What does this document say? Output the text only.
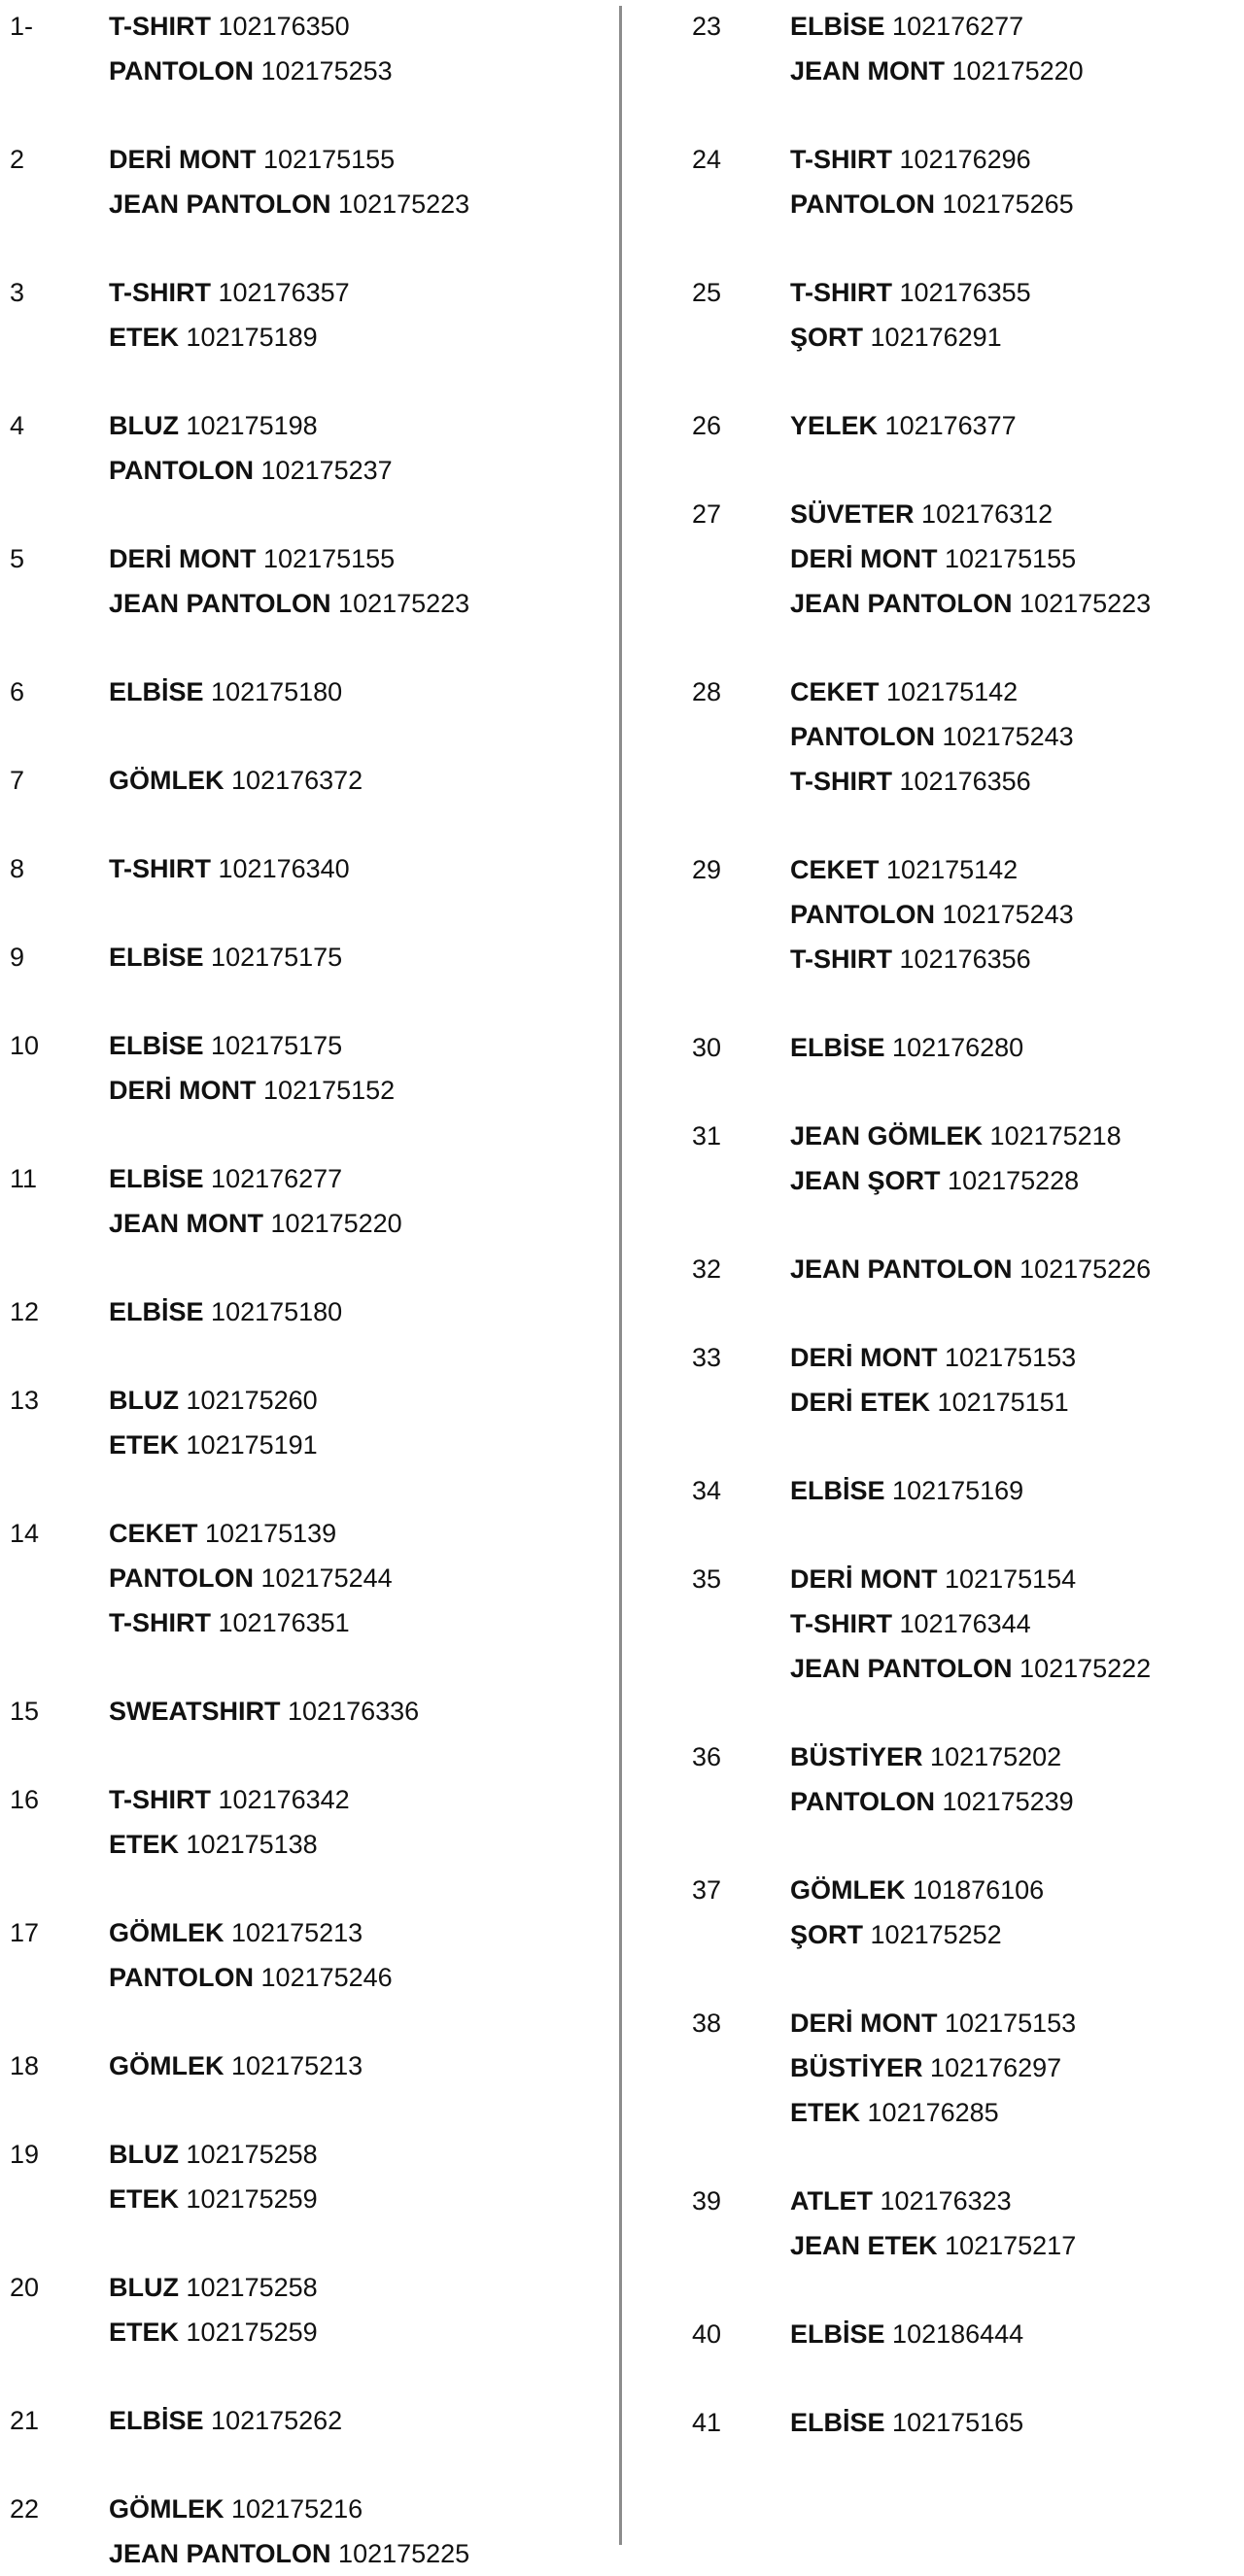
1-	T-SHIRT 102176350
PANTOLON 102175253
2	DERİ MONT 102175155
JEAN PANTOLON 102175223
3	T-SHIRT 102176357
ETEK 102175189
4	BLUZ 102175198
PANTOLON 102175237
5	DERİ MONT 102175155
JEAN PANTOLON 102175223
6	ELBİSE 102175180
7	GÖMLEK 102176372
8	T-SHIRT 102176340
9	ELBİSE 102175175
10	ELBİSE 102175175
DERİ MONT 102175152
11	ELBİSE 102176277
JEAN MONT 102175220
12	ELBİSE 102175180
13	BLUZ 102175260
ETEK 102175191
14	CEKET 102175139
PANTOLON 102175244
T-SHIRT 102176351
15	SWEATSHIRT 102176336
16	T-SHIRT 102176342
ETEK 102175138
17	GÖMLEK 102175213
PANTOLON 102175246
18	GÖMLEK 102175213
19	BLUZ 102175258
ETEK 102175259
20	BLUZ 102175258
ETEK 102175259
21	ELBİSE 102175262
22	GÖMLEK 102175216
JEAN PANTOLON 102175225
23	ELBİSE 102176277
JEAN MONT 102175220
24	T-SHIRT 102176296
PANTOLON 102175265
25	T-SHIRT 102176355
ŞORT 102176291
26	YELEK 102176377
27	SÜVETER 102176312
DERİ MONT 102175155
JEAN PANTOLON 102175223
28	CEKET 102175142
PANTOLON 102175243
T-SHIRT 102176356
29	CEKET 102175142
PANTOLON 102175243
T-SHIRT 102176356
30	ELBİSE 102176280
31	JEAN GÖMLEK 102175218
JEAN ŞORT 102175228
32	JEAN PANTOLON 102175226
33	DERİ MONT 102175153
DERİ ETEK 102175151
34	ELBİSE 102175169
35	DERİ MONT 102175154
T-SHIRT 102176344
JEAN PANTOLON 102175222
36	BÜSTİYER 102175202
PANTOLON 102175239
37	GÖMLEK 101876106
ŞORT 102175252
38	DERİ MONT 102175153
BÜSTİYER 102176297
ETEK 102176285
39	ATLET 102176323
JEAN ETEK 102175217
40	ELBİSE 102186444
41	ELBİSE 102175165
